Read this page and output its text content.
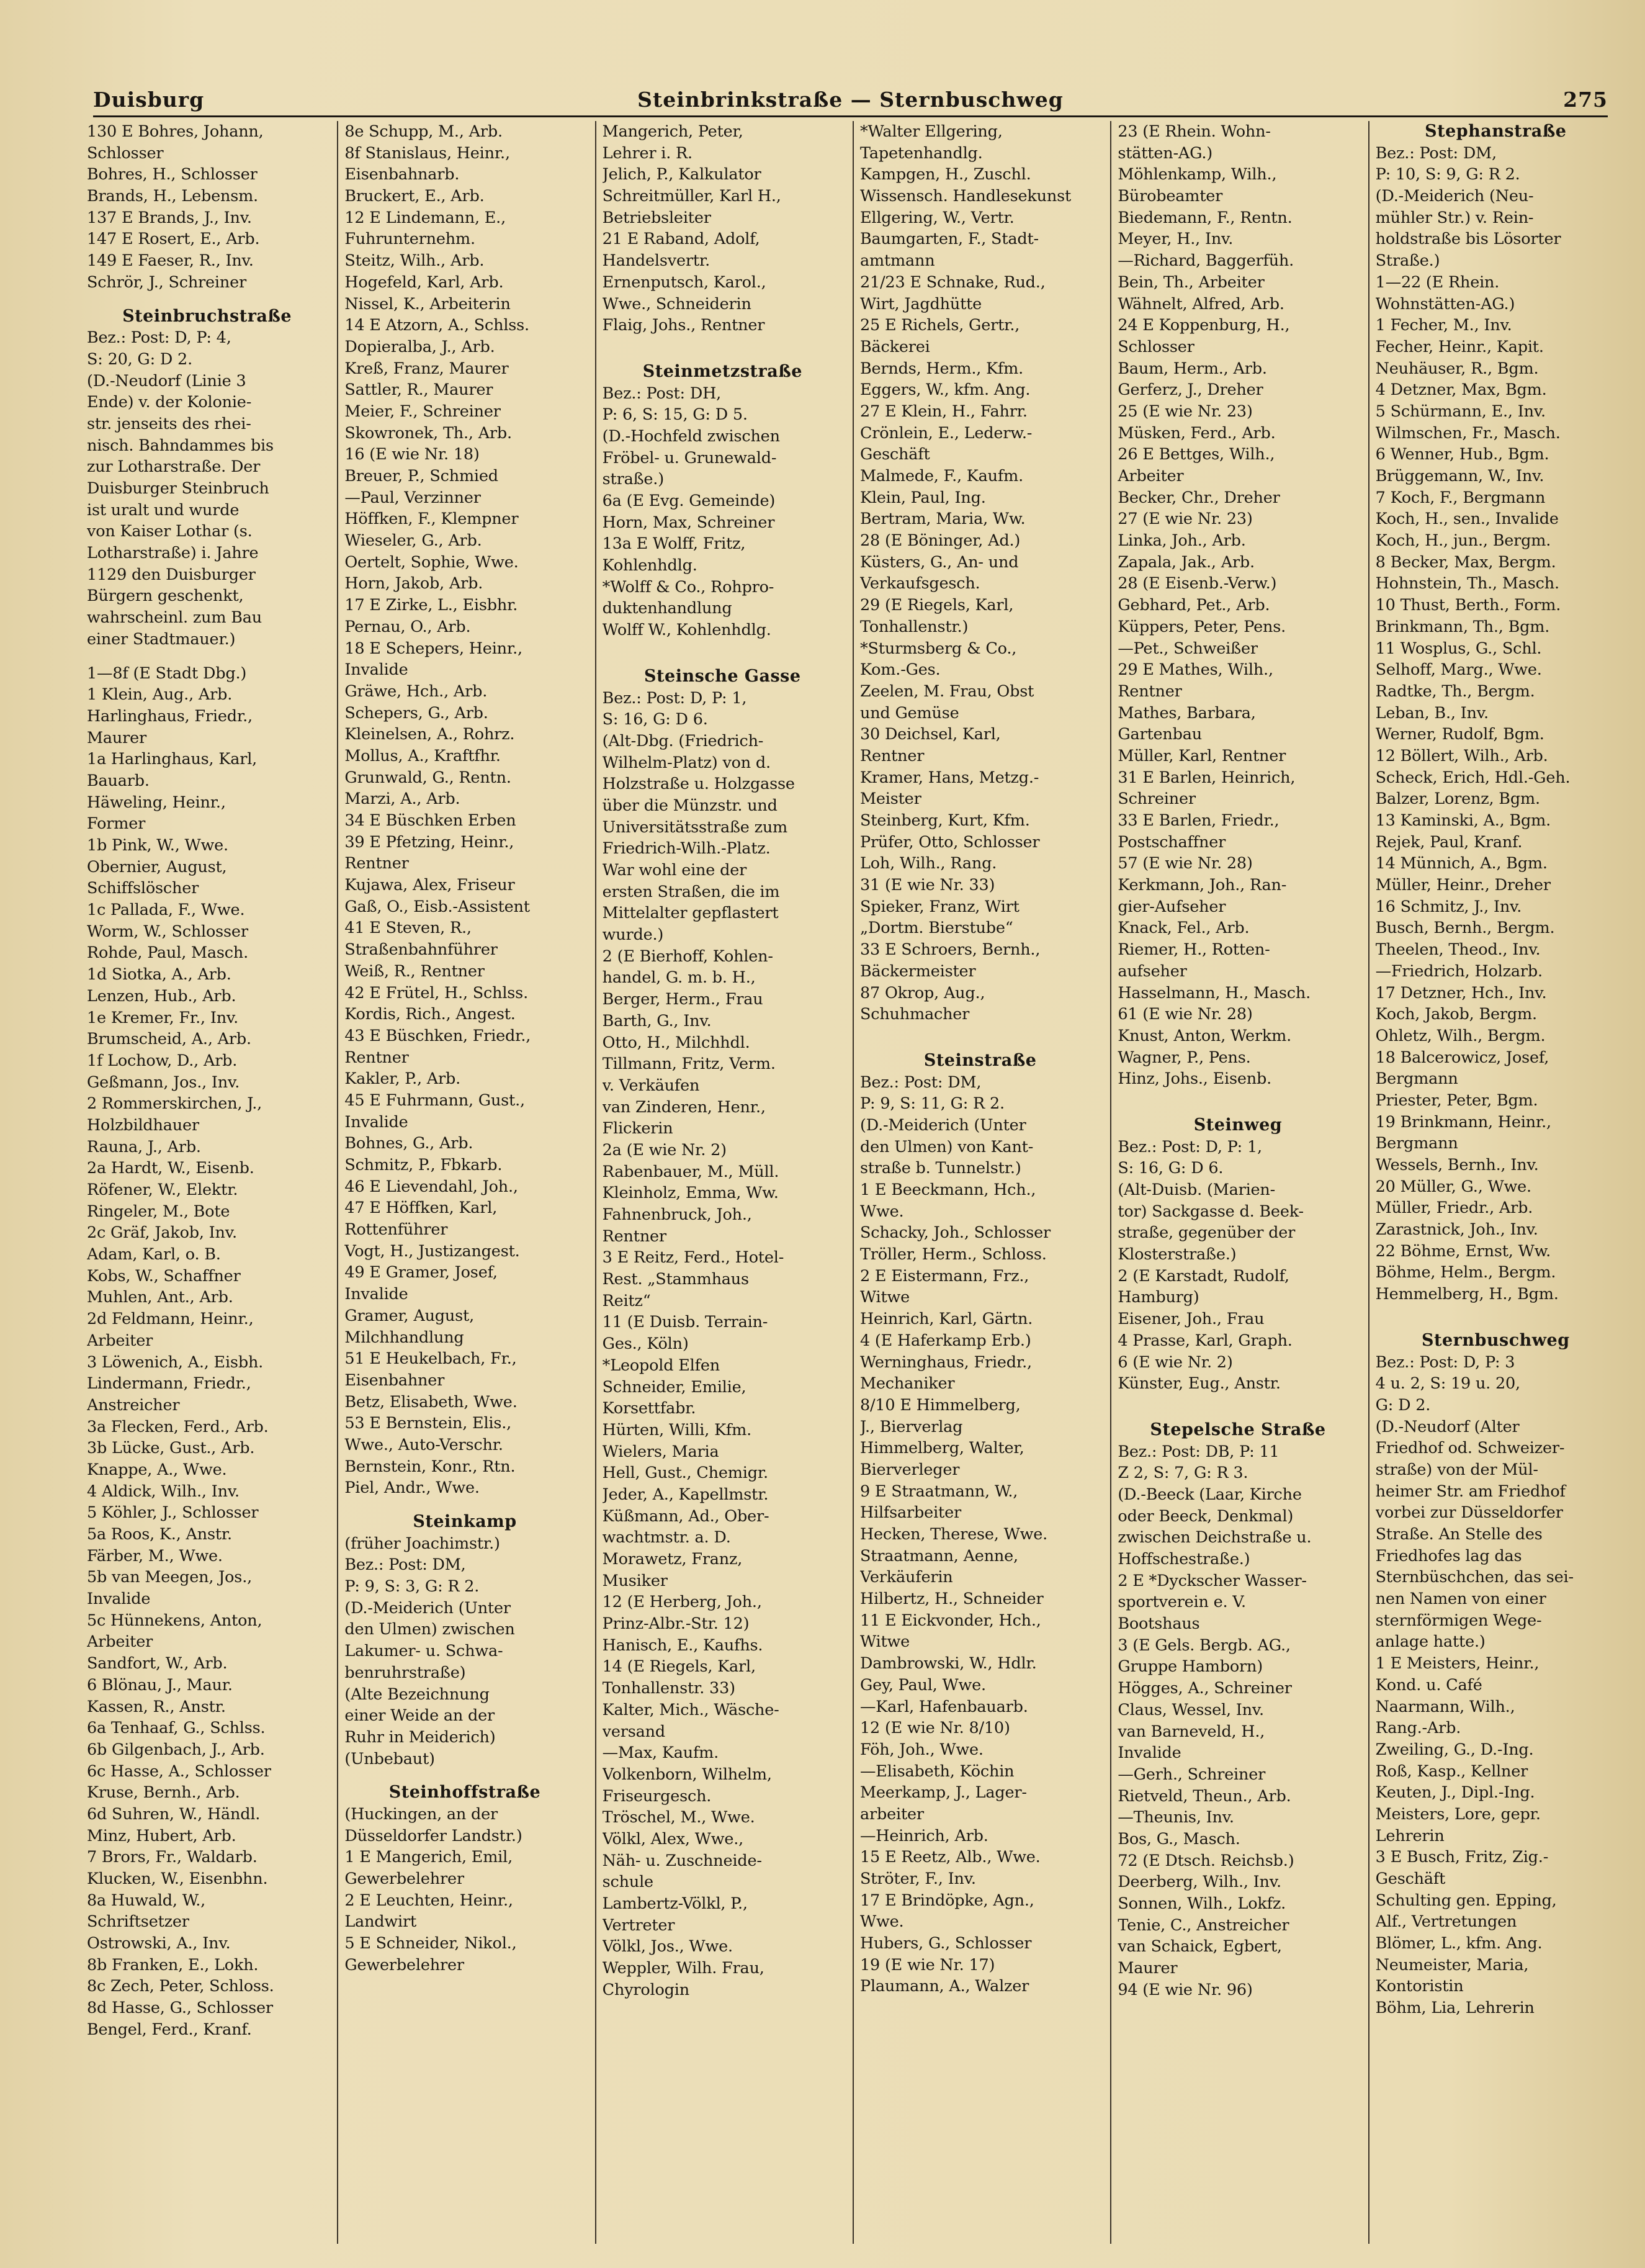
Duisburg	Steinbrinkstraße — Sternbuschweg	275
130 E Bohres, Johann,
Schlosser
Bohres, H., Schlosser
Brands, H., Lebensm.
137 E Brands, J., Inv.
147 E Rosert, E., Arb.
149 E Faeser, R., Inv.
Schrör, J., Schreiner
Steinbruchstraße
Bez.: Post: D, P: 4,
S: 20, G: D 2.
(D.-Neudorf (Linie 3
Ende) v. der Kolonie-
str. jenseits des rhei-
nisch. Bahndammes bis
zur Lotharstraße. Der
Duisburger Steinbruch
ist uralt und wurde
von Kaiser Lothar (s.
Lotharstraße) i. Jahre
1129 den Duisburger
Bürgern geschenkt,
wahrscheinl. zum Bau
einer Stadtmauer.)
1—8f (E Stadt Dbg.)
1 Klein, Aug., Arb.
Harlinghaus, Friedr.,
Maurer
1a Harlinghaus, Karl,
Bauarb.
Häweling, Heinr.,
Former
1b Pink, W., Wwe.
Obernier, August,
Schiffslöscher
1c Pallada, F., Wwe.
Worm, W., Schlosser
Rohde, Paul, Masch.
1d Siotka, A., Arb.
Lenzen, Hub., Arb.
1e Kremer, Fr., Inv.
Brumscheid, A., Arb.
1f Lochow, D., Arb.
Geßmann, Jos., Inv.
2 Rommerskirchen, J.,
Holzbildhauer
Rauna, J., Arb.
2a Hardt, W., Eisenb.
Röfener, W., Elektr.
Ringeler, M., Bote
2c Gräf, Jakob, Inv.
Adam, Karl, o. B.
Kobs, W., Schaffner
Muhlen, Ant., Arb.
2d Feldmann, Heinr.,
Arbeiter
3 Löwenich, A., Eisbh.
Lindermann, Friedr.,
Anstreicher
3a Flecken, Ferd., Arb.
3b Lücke, Gust., Arb.
Knappe, A., Wwe.
4 Aldick, Wilh., Inv.
5 Köhler, J., Schlosser
5a Roos, K., Anstr.
Färber, M., Wwe.
5b van Meegen, Jos.,
Invalide
5c Hünnekens, Anton,
Arbeiter
Sandfort, W., Arb.
6 Blönau, J., Maur.
Kassen, R., Anstr.
6a Tenhaaf, G., Schlss.
6b Gilgenbach, J., Arb.
6c Hasse, A., Schlosser
Kruse, Bernh., Arb.
6d Suhren, W., Händl.
Minz, Hubert, Arb.
7 Brors, Fr., Waldarb.
Klucken, W., Eisenbhn.
8a Huwald, W.,
Schriftsetzer
Ostrowski, A., Inv.
8b Franken, E., Lokh.
8c Zech, Peter, Schloss.
8d Hasse, G., Schlosser
Bengel, Ferd., Kranf.
8e Schupp, M., Arb.
8f Stanislaus, Heinr.,
Eisenbahnarb.
Bruckert, E., Arb.
12 E Lindemann, E.,
Fuhrunternehm.
Steitz, Wilh., Arb.
Hogefeld, Karl, Arb.
Nissel, K., Arbeiterin
14 E Atzorn, A., Schlss.
Dopieralba, J., Arb.
Kreß, Franz, Maurer
Sattler, R., Maurer
Meier, F., Schreiner
Skowronek, Th., Arb.
16 (E wie Nr. 18)
Breuer, P., Schmied
—Paul, Verzinner
Höffken, F., Klempner
Wieseler, G., Arb.
Oertelt, Sophie, Wwe.
Horn, Jakob, Arb.
17 E Zirke, L., Eisbhr.
Pernau, O., Arb.
18 E Schepers, Heinr.,
Invalide
Gräwe, Hch., Arb.
Schepers, G., Arb.
Kleinelsen, A., Rohrz.
Mollus, A., Kraftfhr.
Grunwald, G., Rentn.
Marzi, A., Arb.
34 E Büschken Erben
39 E Pfetzing, Heinr.,
Rentner
Kujawa, Alex, Friseur
Gaß, O., Eisb.-Assistent
41 E Steven, R.,
Straßenbahnführer
Weiß, R., Rentner
42 E Frütel, H., Schlss.
Kordis, Rich., Angest.
43 E Büschken, Friedr.,
Rentner
Kakler, P., Arb.
45 E Fuhrmann, Gust.,
Invalide
Bohnes, G., Arb.
Schmitz, P., Fbkarb.
46 E Lievendahl, Joh.,
47 E Höffken, Karl,
Rottenführer
Vogt, H., Justizangest.
49 E Gramer, Josef,
Invalide
Gramer, August,
Milchhandlung
51 E Heukelbach, Fr.,
Eisenbahner
Betz, Elisabeth, Wwe.
53 E Bernstein, Elis.,
Wwe., Auto-Verschr.
Bernstein, Konr., Rtn.
Piel, Andr., Wwe.
Steinkamp
(früher Joachimstr.)
Bez.: Post: DM,
P: 9, S: 3, G: R 2.
(D.-Meiderich (Unter
den Ulmen) zwischen
Lakumer- u. Schwa-
benruhrstraße)
(Alte Bezeichnung
einer Weide an der
Ruhr in Meiderich)
(Unbebaut)
Steinhoffstraße
(Huckingen, an der
Düsseldorfer Landstr.)
1 E Mangerich, Emil,
Gewerbelehrer
2 E Leuchten, Heinr.,
Landwirt
5 E Schneider, Nikol.,
Gewerbelehrer
Mangerich, Peter,
Lehrer i. R.
Jelich, P., Kalkulator
Schreitmüller, Karl H.,
Betriebsleiter
21 E Raband, Adolf,
Handelsvertr.
Ernenputsch, Karol.,
Wwe., Schneiderin
Flaig, Johs., Rentner
Steinmetzstraße
Bez.: Post: DH,
P: 6, S: 15, G: D 5.
(D.-Hochfeld zwischen
Fröbel- u. Grunewald-
straße.)
6a (E Evg. Gemeinde)
Horn, Max, Schreiner
13a E Wolff, Fritz,
Kohlenhdlg.
*Wolff & Co., Rohpro-
duktenhandlung
Wolff W., Kohlenhdlg.
Steinsche Gasse
Bez.: Post: D, P: 1,
S: 16, G: D 6.
(Alt-Dbg. (Friedrich-
Wilhelm-Platz) von d.
Holzstraße u. Holzgasse
über die Münzstr. und
Universitätsstraße zum
Friedrich-Wilh.-Platz.
War wohl eine der
ersten Straßen, die im
Mittelalter gepflastert
wurde.)
2 (E Bierhoff, Kohlen-
handel, G. m. b. H.,
Berger, Herm., Frau
Barth, G., Inv.
Otto, H., Milchhdl.
Tillmann, Fritz, Verm.
v. Verkäufen
van Zinderen, Henr.,
Flickerin
2a (E wie Nr. 2)
Rabenbauer, M., Müll.
Kleinholz, Emma, Ww.
Fahnenbruck, Joh.,
Rentner
3 E Reitz, Ferd., Hotel-
Rest. „Stammhaus
Reitz“
11 (E Duisb. Terrain-
Ges., Köln)
*Leopold Elfen
Schneider, Emilie,
Korsettfabr.
Hürten, Willi, Kfm.
Wielers, Maria
Hell, Gust., Chemigr.
Jeder, A., Kapellmstr.
Küßmann, Ad., Ober-
wachtmstr. a. D.
Morawetz, Franz,
Musiker
12 (E Herberg, Joh.,
Prinz-Albr.-Str. 12)
Hanisch, E., Kaufhs.
14 (E Riegels, Karl,
Tonhallenstr. 33)
Kalter, Mich., Wäsche-
versand
—Max, Kaufm.
Volkenborn, Wilhelm,
Friseurgesch.
Tröschel, M., Wwe.
Völkl, Alex, Wwe.,
Näh- u. Zuschneide-
schule
Lambertz-Völkl, P.,
Vertreter
Völkl, Jos., Wwe.
Weppler, Wilh. Frau,
Chyrologin
*Walter Ellgering,
Tapetenhandlg.
Kampgen, H., Zuschl.
Wissensch. Handlesekunst
Ellgering, W., Vertr.
Baumgarten, F., Stadt-
amtmann
21/23 E Schnake, Rud.,
Wirt, Jagdhütte
25 E Richels, Gertr.,
Bäckerei
Bernds, Herm., Kfm.
Eggers, W., kfm. Ang.
27 E Klein, H., Fahrr.
Crönlein, E., Lederw.-
Geschäft
Malmede, F., Kaufm.
Klein, Paul, Ing.
Bertram, Maria, Ww.
28 (E Böninger, Ad.)
Küsters, G., An- und
Verkaufsgesch.
29 (E Riegels, Karl,
Tonhallenstr.)
*Sturmsberg & Co.,
Kom.-Ges.
Zeelen, M. Frau, Obst
und Gemüse
30 Deichsel, Karl,
Rentner
Kramer, Hans, Metzg.-
Meister
Steinberg, Kurt, Kfm.
Prüfer, Otto, Schlosser
Loh, Wilh., Rang.
31 (E wie Nr. 33)
Spieker, Franz, Wirt
„Dortm. Bierstube“
33 E Schroers, Bernh.,
Bäckermeister
87 Okrop, Aug.,
Schuhmacher
Steinstraße
Bez.: Post: DM,
P: 9, S: 11, G: R 2.
(D.-Meiderich (Unter
den Ulmen) von Kant-
straße b. Tunnelstr.)
1 E Beeckmann, Hch.,
Wwe.
Schacky, Joh., Schlosser
Tröller, Herm., Schloss.
2 E Eistermann, Frz.,
Witwe
Heinrich, Karl, Gärtn.
4 (E Haferkamp Erb.)
Werninghaus, Friedr.,
Mechaniker
8/10 E Himmelberg,
J., Bierverlag
Himmelberg, Walter,
Bierverleger
9 E Straatmann, W.,
Hilfsarbeiter
Hecken, Therese, Wwe.
Straatmann, Aenne,
Verkäuferin
Hilbertz, H., Schneider
11 E Eickvonder, Hch.,
Witwe
Dambrowski, W., Hdlr.
Gey, Paul, Wwe.
—Karl, Hafenbauarb.
12 (E wie Nr. 8/10)
Föh, Joh., Wwe.
—Elisabeth, Köchin
Meerkamp, J., Lager-
arbeiter
—Heinrich, Arb.
15 E Reetz, Alb., Wwe.
Ströter, F., Inv.
17 E Brindöpke, Agn.,
Wwe.
Hubers, G., Schlosser
19 (E wie Nr. 17)
Plaumann, A., Walzer
23 (E Rhein. Wohn-
stätten-AG.)
Möhlenkamp, Wilh.,
Bürobeamter
Biedemann, F., Rentn.
Meyer, H., Inv.
—Richard, Baggerfüh.
Bein, Th., Arbeiter
Wähnelt, Alfred, Arb.
24 E Koppenburg, H.,
Schlosser
Baum, Herm., Arb.
Gerferz, J., Dreher
25 (E wie Nr. 23)
Müsken, Ferd., Arb.
26 E Bettges, Wilh.,
Arbeiter
Becker, Chr., Dreher
27 (E wie Nr. 23)
Linka, Joh., Arb.
Zapala, Jak., Arb.
28 (E Eisenb.-Verw.)
Gebhard, Pet., Arb.
Küppers, Peter, Pens.
—Pet., Schweißer
29 E Mathes, Wilh.,
Rentner
Mathes, Barbara,
Gartenbau
Müller, Karl, Rentner
31 E Barlen, Heinrich,
Schreiner
33 E Barlen, Friedr.,
Postschaffner
57 (E wie Nr. 28)
Kerkmann, Joh., Ran-
gier-Aufseher
Knack, Fel., Arb.
Riemer, H., Rotten-
aufseher
Hasselmann, H., Masch.
61 (E wie Nr. 28)
Knust, Anton, Werkm.
Wagner, P., Pens.
Hinz, Johs., Eisenb.
Steinweg
Bez.: Post: D, P: 1,
S: 16, G: D 6.
(Alt-Duisb. (Marien-
tor) Sackgasse d. Beek-
straße, gegenüber der
Klosterstraße.)
2 (E Karstadt, Rudolf,
Hamburg)
Eisener, Joh., Frau
4 Prasse, Karl, Graph.
6 (E wie Nr. 2)
Künster, Eug., Anstr.
Stepelsche Straße
Bez.: Post: DB, P: 11
Z 2, S: 7, G: R 3.
(D.-Beeck (Laar, Kirche
oder Beeck, Denkmal)
zwischen Deichstraße u.
Hoffschestraße.)
2 E *Dyckscher Wasser-
sportverein e. V.
Bootshaus
3 (E Gels. Bergb. AG.,
Gruppe Hamborn)
Högges, A., Schreiner
Claus, Wessel, Inv.
van Barneveld, H.,
Invalide
—Gerh., Schreiner
Rietveld, Theun., Arb.
—Theunis, Inv.
Bos, G., Masch.
72 (E Dtsch. Reichsb.)
Deerberg, Wilh., Inv.
Sonnen, Wilh., Lokfz.
Tenie, C., Anstreicher
van Schaick, Egbert,
Maurer
94 (E wie Nr. 96)
Stephanstraße
Bez.: Post: DM,
P: 10, S: 9, G: R 2.
(D.-Meiderich (Neu-
mühler Str.) v. Rein-
holdstraße bis Lösorter
Straße.)
1—22 (E Rhein.
Wohnstätten-AG.)
1 Fecher, M., Inv.
Fecher, Heinr., Kapit.
Neuhäuser, R., Bgm.
4 Detzner, Max, Bgm.
5 Schürmann, E., Inv.
Wilmschen, Fr., Masch.
6 Wenner, Hub., Bgm.
Brüggemann, W., Inv.
7 Koch, F., Bergmann
Koch, H., sen., Invalide
Koch, H., jun., Bergm.
8 Becker, Max, Bergm.
Hohnstein, Th., Masch.
10 Thust, Berth., Form.
Brinkmann, Th., Bgm.
11 Wosplus, G., Schl.
Selhoff, Marg., Wwe.
Radtke, Th., Bergm.
Leban, B., Inv.
Werner, Rudolf, Bgm.
12 Böllert, Wilh., Arb.
Scheck, Erich, Hdl.-Geh.
Balzer, Lorenz, Bgm.
13 Kaminski, A., Bgm.
Rejek, Paul, Kranf.
14 Münnich, A., Bgm.
Müller, Heinr., Dreher
16 Schmitz, J., Inv.
Busch, Bernh., Bergm.
Theelen, Theod., Inv.
—Friedrich, Holzarb.
17 Detzner, Hch., Inv.
Koch, Jakob, Bergm.
Ohletz, Wilh., Bergm.
18 Balcerowicz, Josef,
Bergmann
Priester, Peter, Bgm.
19 Brinkmann, Heinr.,
Bergmann
Wessels, Bernh., Inv.
20 Müller, G., Wwe.
Müller, Friedr., Arb.
Zarastnick, Joh., Inv.
22 Böhme, Ernst, Ww.
Böhme, Helm., Bergm.
Hemmelberg, H., Bgm.
Sternbuschweg
Bez.: Post: D, P: 3
4 u. 2, S: 19 u. 20,
G: D 2.
(D.-Neudorf (Alter
Friedhof od. Schweizer-
straße) von der Mül-
heimer Str. am Friedhof
vorbei zur Düsseldorfer
Straße. An Stelle des
Friedhofes lag das
Sternbüschchen, das sei-
nen Namen von einer
sternförmigen Wege-
anlage hatte.)
1 E Meisters, Heinr.,
Kond. u. Café
Naarmann, Wilh.,
Rang.-Arb.
Zweiling, G., D.-Ing.
Roß, Kasp., Kellner
Keuten, J., Dipl.-Ing.
Meisters, Lore, gepr.
Lehrerin
3 E Busch, Fritz, Zig.-
Geschäft
Schulting gen. Epping,
Alf., Vertretungen
Blömer, L., kfm. Ang.
Neumeister, Maria,
Kontoristin
Böhm, Lia, Lehrerin
